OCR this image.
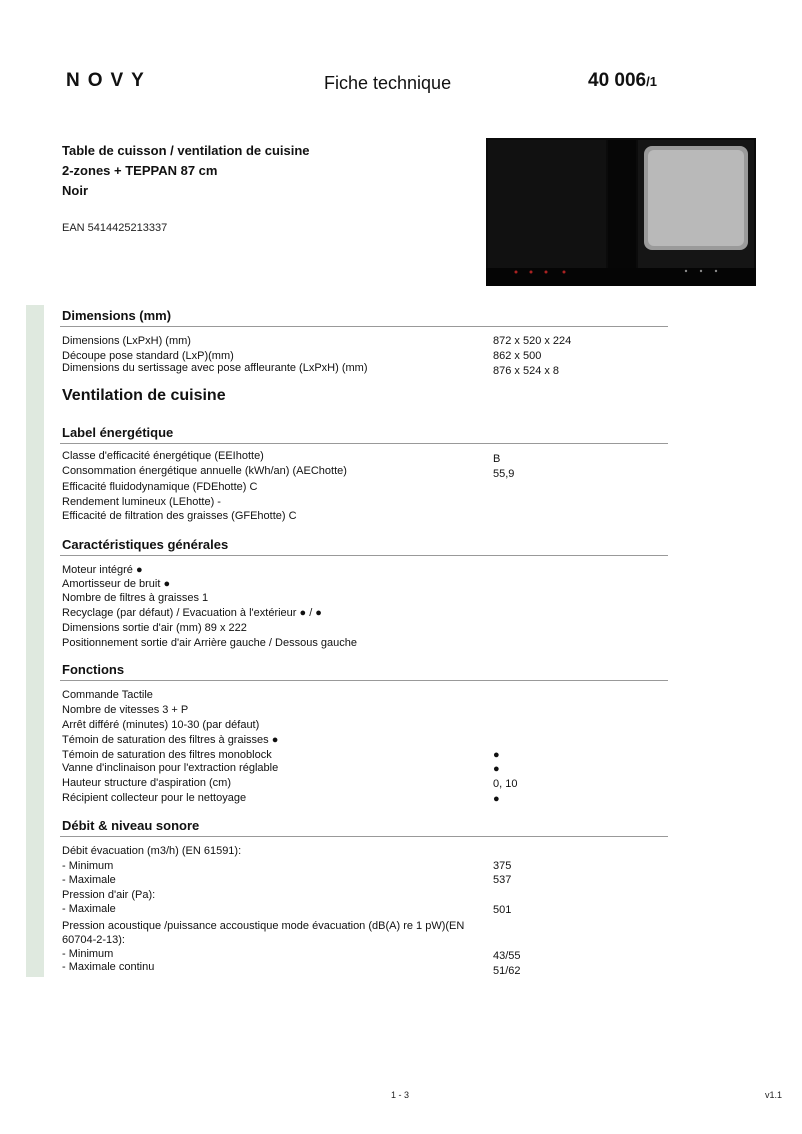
NOVY	Fiche technique	40 006/1
Table de cuisson / ventilation de cuisine
2-zones + TEPPAN 87 cm
Noir
EAN 5414425213337
Dimensions (mm)
Dimensions (LxPxH) (mm)	872 x 520 x 224
Découpe pose standard (LxP)(mm)	862 x 500
Dimensions du sertissage avec pose affleurante (LxPxH) (mm)	876 x 524 x 8
Ventilation de cuisine
Label énergétique
Classe d'efficacité énergétique (EEIhotte)	B
Consommation énergétique annuelle (kWh/an) (AEChotte)	55,9
Efficacité fluidodynamique (FDEhotte) C
Rendement lumineux (LEhotte) -
Efficacité de filtration des graisses (GFEhotte) C
Caractéristiques générales
Moteur intégré ●
Amortisseur de bruit ●
Nombre de filtres à graisses 1
Recyclage (par défaut) / Evacuation à l'extérieur ● / ●
Dimensions sortie d'air (mm) 89 x 222
Positionnement sortie d'air Arrière gauche / Dessous gauche
Fonctions
Commande Tactile
Nombre de vitesses 3 + P
Arrêt différé (minutes) 10-30 (par défaut)
Témoin de saturation des filtres à graisses ●
Témoin de saturation des filtres monoblock	●
Vanne d'inclinaison pour l'extraction réglable	●
Hauteur structure d'aspiration (cm)	0, 10
Récipient collecteur pour le nettoyage	●
Débit & niveau sonore
Débit évacuation (m3/h) (EN 61591):
- Minimum	375
- Maximale	537
Pression d'air (Pa):
- Maximale	501
Pression acoustique /puissance accoustique mode évacuation (dB(A) re 1 pW)(EN
60704-2-13):
- Minimum	43/55
- Maximale continu	51/62
1 - 3	v1.1
